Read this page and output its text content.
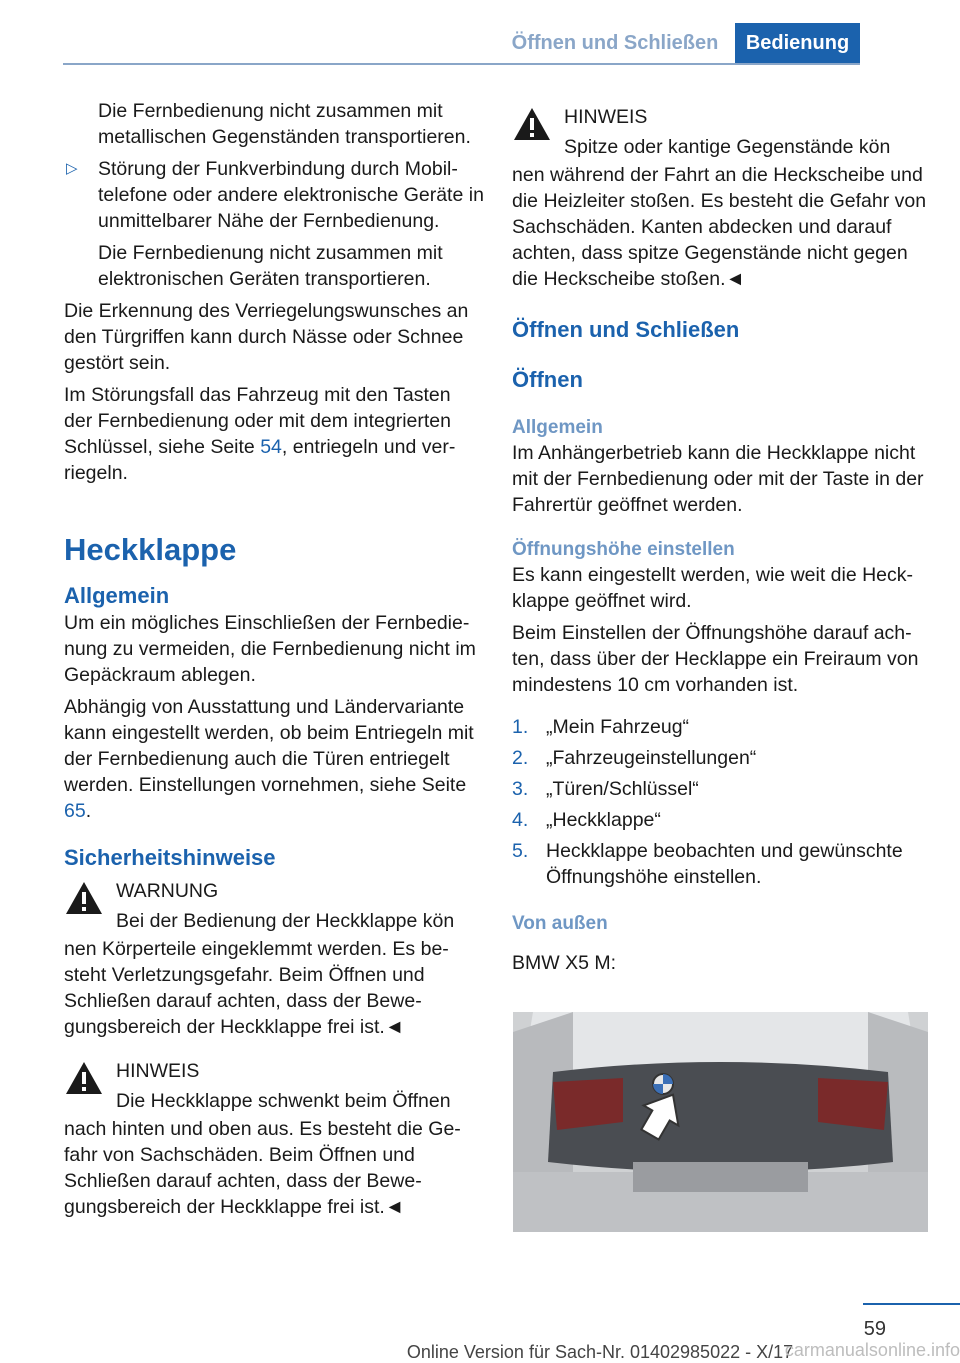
Öffnen und Schließen	Bedienung

Die Fernbedienung nicht zusammen mit metallischen Gegenständen transportieren.

▷ Störung der Funkverbindung durch Mobiltelefone oder andere elektronische Geräte in unmittelbarer Nähe der Fernbedienung.

Die Fernbedienung nicht zusammen mit elektronischen Geräten transportieren.

Die Erkennung des Verriegelungswunsches an den Türgriffen kann durch Nässe oder Schnee gestört sein.

Im Störungsfall das Fahrzeug mit den Tasten der Fernbedienung oder mit dem integrierten Schlüssel, siehe Seite 54, entriegeln und verriegeln.

Heckklappe
Allgemein

Um ein mögliches Einschließen der Fernbedienung zu vermeiden, die Fernbedienung nicht im Gepäckraum ablegen.

Abhängig von Ausstattung und Ländervariante kann eingestellt werden, ob beim Entriegeln mit der Fernbedienung auch die Türen entriegelt werden. Einstellungen vornehmen, siehe Seite 65.

Sicherheitshinweise
WARNUNG
Bei der Bedienung der Heckklappe kön

nen Körperteile eingeklemmt werden. Es besteht Verletzungsgefahr. Beim Öffnen und Schließen darauf achten, dass der Bewegungsbereich der Heckklappe frei ist.◄

HINWEIS
Die Heckklappe schwenkt beim Öffnen

nach hinten und oben aus. Es besteht die Gefahr von Sachschäden. Beim Öffnen und Schließen darauf achten, dass der Bewegungsbereich der Heckklappe frei ist.◄

HINWEIS
Spitze oder kantige Gegenstände kön

nen während der Fahrt an die Heckscheibe und die Heizleiter stoßen. Es besteht die Gefahr von Sachschäden. Kanten abdecken und darauf achten, dass spitze Gegenstände nicht gegen die Heckscheibe stoßen.◄

Öffnen und Schließen
Öffnen
Allgemein

Im Anhängerbetrieb kann die Heckklappe nicht mit der Fernbedienung oder mit der Taste in der Fahrertür geöffnet werden.

Öffnungshöhe einstellen

Es kann eingestellt werden, wie weit die Heckklappe geöffnet wird.

Beim Einstellen der Öffnungshöhe darauf achten, dass über der Hecklappe ein Freiraum von mindestens 10 cm vorhanden ist.

1. „Mein Fahrzeug“
2. „Fahrzeugeinstellungen“
3. „Türen/Schlüssel“
4. „Heckklappe“
5. Heckklappe beobachten und gewünschte Öffnungshöhe einstellen.
Von außen

BMW X5 M:

59
Online Version für Sach-Nr. 01402985022 - X/17
carmanualsonline.info
